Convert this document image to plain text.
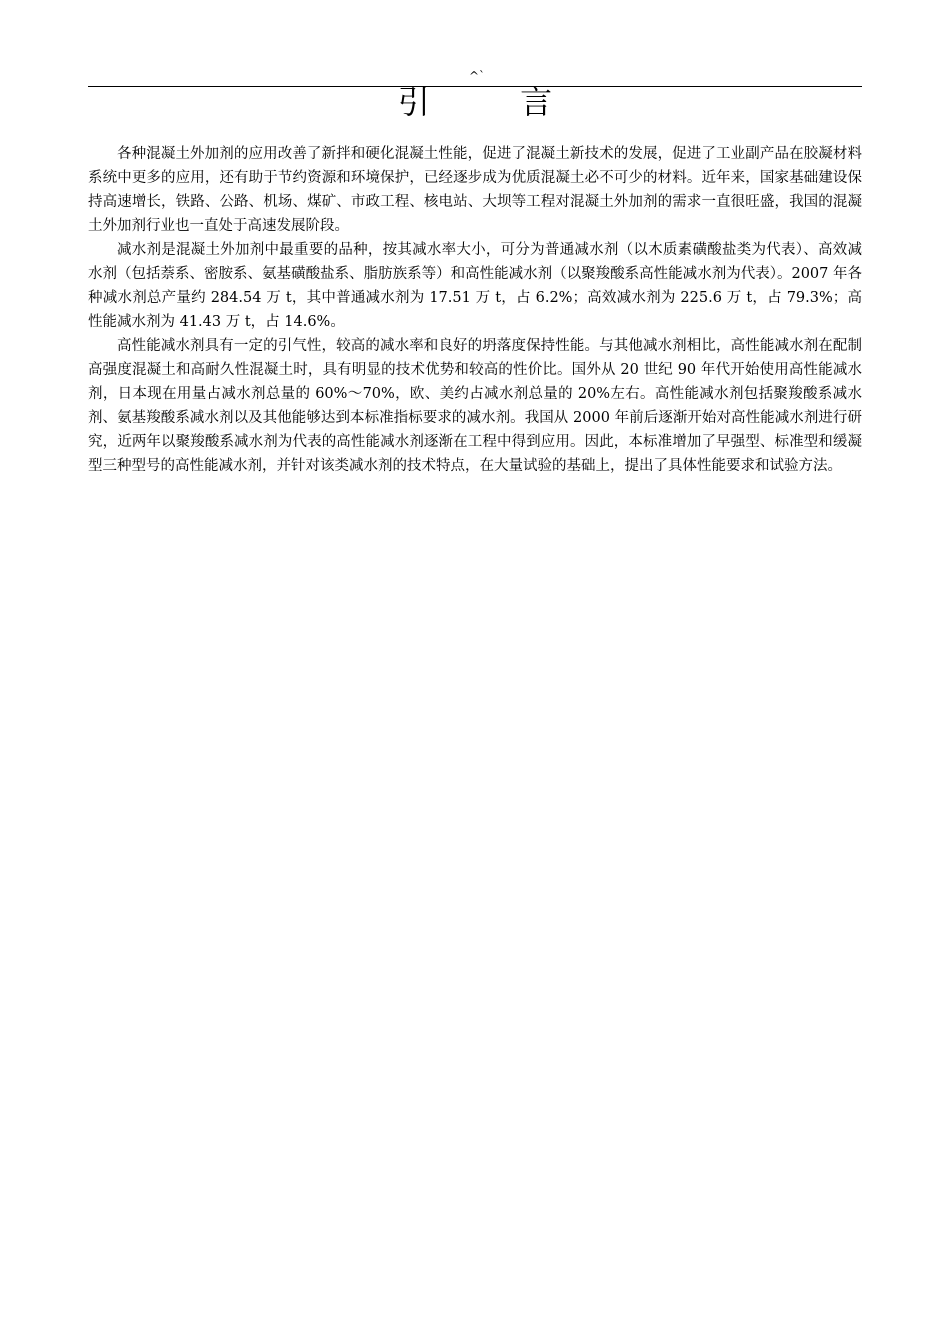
^`
引 言

各种混凝土外加剂的应用改善了新拌和硬化混凝土性能，促进了混凝土新技术的发展，促进了工业副产品在胶凝材料系统中更多的应用，还有助于节约资源和环境保护，已经逐步成为优质混凝土必不可少的材料。近年来，国家基础建设保持高速增长，铁路、公路、机场、煤矿、市政工程、核电站、大坝等工程对混凝土外加剂的需求一直很旺盛，我国的混凝土外加剂行业也一直处于高速发展阶段。

减水剂是混凝土外加剂中最重要的品种，按其减水率大小，可分为普通减水剂（以木质素磺酸盐类为代表）、高效减水剂（包括萘系、密胺系、氨基磺酸盐系、脂肪族系等）和高性能减水剂（以聚羧酸系高性能减水剂为代表）。2007 年各种减水剂总产量约 284.54 万 t，其中普通减水剂为 17.51 万 t，占 6.2%；高效减水剂为 225.6 万 t，占 79.3%；高性能减水剂为 41.43 万 t，占 14.6%。

高性能减水剂具有一定的引气性，较高的减水率和良好的坍落度保持性能。与其他减水剂相比，高性能减水剂在配制高强度混凝土和高耐久性混凝土时，具有明显的技术优势和较高的性价比。国外从 20 世纪 90 年代开始使用高性能减水剂，日本现在用量占减水剂总量的 60%～70%，欧、美约占减水剂总量的 20%左右。高性能减水剂包括聚羧酸系减水剂、氨基羧酸系减水剂以及其他能够达到本标准指标要求的减水剂。我国从 2000 年前后逐渐开始对高性能减水剂进行研究，近两年以聚羧酸系减水剂为代表的高性能减水剂逐渐在工程中得到应用。因此，本标准增加了早强型、标准型和缓凝型三种型号的高性能减水剂，并针对该类减水剂的技术特点，在大量试验的基础上，提出了具体性能要求和试验方法。
